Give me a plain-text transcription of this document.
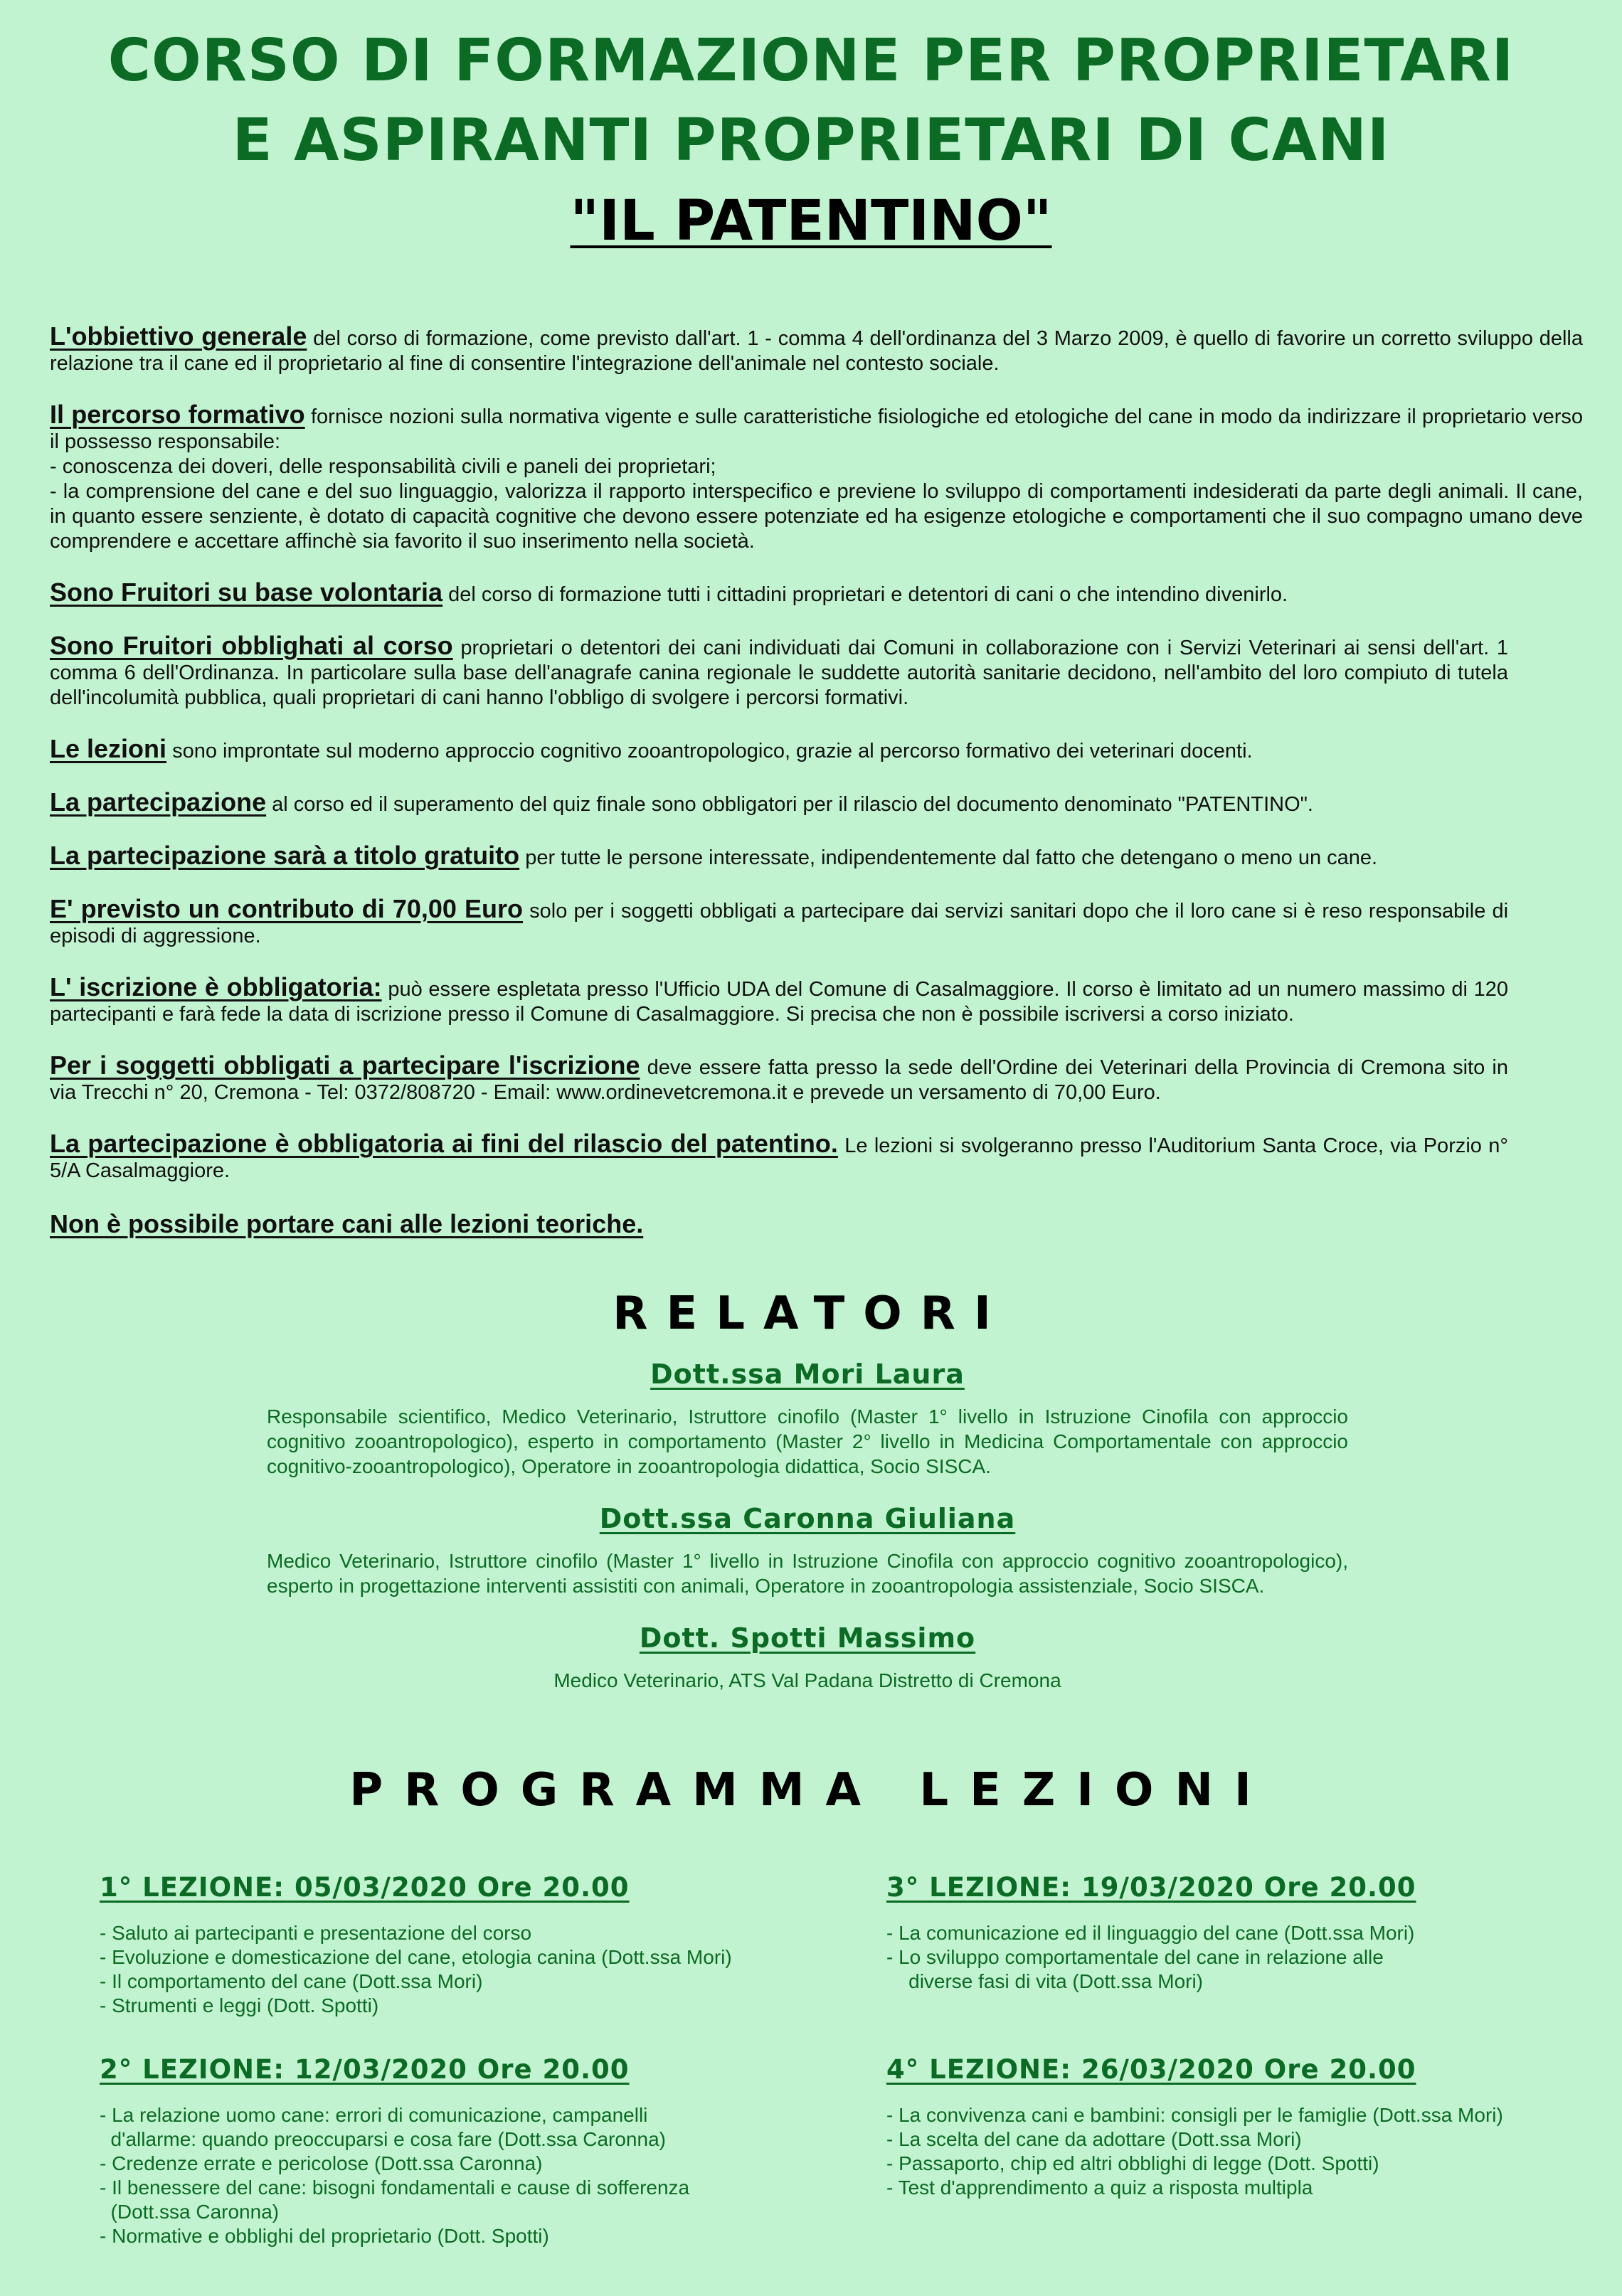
CORSO DI FORMAZIONE PER PROPRIETARI
E ASPIRANTI PROPRIETARI DI CANI
"IL PATENTINO"
L'obbiettivo generale del corso di formazione, come previsto dall'art. 1 - comma 4 dell'ordinanza del 3 Marzo 2009, è quello di favorire un corretto sviluppo della relazione tra il cane ed il proprietario al fine di consentire l'integrazione dell'animale nel contesto sociale.
Il percorso formativo fornisce nozioni sulla normativa vigente e sulle caratteristiche fisiologiche ed etologiche del cane in modo da indirizzare il proprietario verso il possesso responsabile:
- conoscenza dei doveri, delle responsabilità civili e paneli dei proprietari;
- la comprensione del cane e del suo linguaggio, valorizza il rapporto interspecifico e previene lo sviluppo di comportamenti indesiderati da parte degli animali. Il cane, in quanto essere senziente, è dotato di capacità cognitive che devono essere potenziate ed ha esigenze etologiche e comportamenti che il suo compagno umano deve comprendere e accettare affinchè sia favorito il suo inserimento nella società.
Sono Fruitori su base volontaria del corso di formazione tutti i cittadini proprietari e detentori di cani o che intendino divenirlo.
Sono Fruitori obblighati al corso proprietari o detentori dei cani individuati dai Comuni in collaborazione con i Servizi Veterinari ai sensi dell'art. 1 comma 6 dell'Ordinanza. In particolare sulla base dell'anagrafe canina regionale le suddette autorità sanitarie decidono, nell'ambito del loro compiuto di tutela dell'incolumità pubblica, quali proprietari di cani hanno l'obbligo di svolgere i percorsi formativi.
Le lezioni sono improntate sul moderno approccio cognitivo zooantropologico, grazie al percorso formativo dei veterinari docenti.
La partecipazione al corso ed il superamento del quiz finale sono obbligatori per il rilascio del documento denominato "PATENTINO".
La partecipazione sarà a titolo gratuito per tutte le persone interessate, indipendentemente dal fatto che detengano o meno un cane.
E' previsto un contributo di 70,00 Euro solo per i soggetti obbligati a partecipare dai servizi sanitari dopo che il loro cane si è reso responsabile di episodi di aggressione.
L' iscrizione è obbligatoria: può essere espletata presso l'Ufficio UDA del Comune di Casalmaggiore. Il corso è limitato ad un numero massimo di 120 partecipanti e farà fede la data di iscrizione presso il Comune di Casalmaggiore. Si precisa che non è possibile iscriversi a corso iniziato.
Per i soggetti obbligati a partecipare l'iscrizione deve essere fatta presso la sede dell'Ordine dei Veterinari della Provincia di Cremona sito in via Trecchi n° 20, Cremona - Tel: 0372/808720 - Email: www.ordinevetcremona.it e prevede un versamento di 70,00 Euro.
La partecipazione è obbligatoria ai fini del rilascio del patentino. Le lezioni si svolgeranno presso l'Auditorium Santa Croce, via Porzio n° 5/A Casalmaggiore.
Non è possibile portare cani alle lezioni teoriche.
RELATORI
Dott.ssa Mori Laura
Responsabile scientifico, Medico Veterinario, Istruttore cinofilo (Master 1° livello in Istruzione Cinofila con approccio cognitivo zooantropologico), esperto in comportamento (Master 2° livello in Medicina Comportamentale con approccio cognitivo-zooantropologico), Operatore in zooantropologia didattica, Socio SISCA.
Dott.ssa Caronna Giuliana
Medico Veterinario, Istruttore cinofilo (Master 1° livello in Istruzione Cinofila con approccio cognitivo zooantropologico), esperto in progettazione interventi assistiti con animali, Operatore in zooantropologia assistenziale, Socio SISCA.
Dott. Spotti Massimo
Medico Veterinario, ATS Val Padana Distretto di Cremona
PROGRAMMA LEZIONI
1° LEZIONE: 05/03/2020 Ore 20.00
- Saluto ai partecipanti e presentazione del corso
- Evoluzione e domesticazione del cane, etologia canina (Dott.ssa Mori)
- Il comportamento del cane (Dott.ssa Mori)
- Strumenti e leggi (Dott. Spotti)
2° LEZIONE: 12/03/2020 Ore 20.00
- La relazione uomo cane: errori di comunicazione, campanelli
d'allarme: quando preoccuparsi e cosa fare (Dott.ssa Caronna)
- Credenze errate e pericolose (Dott.ssa Caronna)
- Il benessere del cane: bisogni fondamentali e cause di sofferenza
(Dott.ssa Caronna)
- Normative e obblighi del proprietario (Dott. Spotti)
3° LEZIONE: 19/03/2020 Ore 20.00
- La comunicazione ed il linguaggio del cane (Dott.ssa Mori)
- Lo sviluppo comportamentale del cane in relazione alle
diverse fasi di vita (Dott.ssa Mori)
4° LEZIONE: 26/03/2020 Ore 20.00
- La convivenza cani e bambini: consigli per le famiglie (Dott.ssa Mori)
- La scelta del cane da adottare (Dott.ssa Mori)
- Passaporto, chip ed altri obblighi di legge (Dott. Spotti)
- Test d'apprendimento a quiz a risposta multipla
